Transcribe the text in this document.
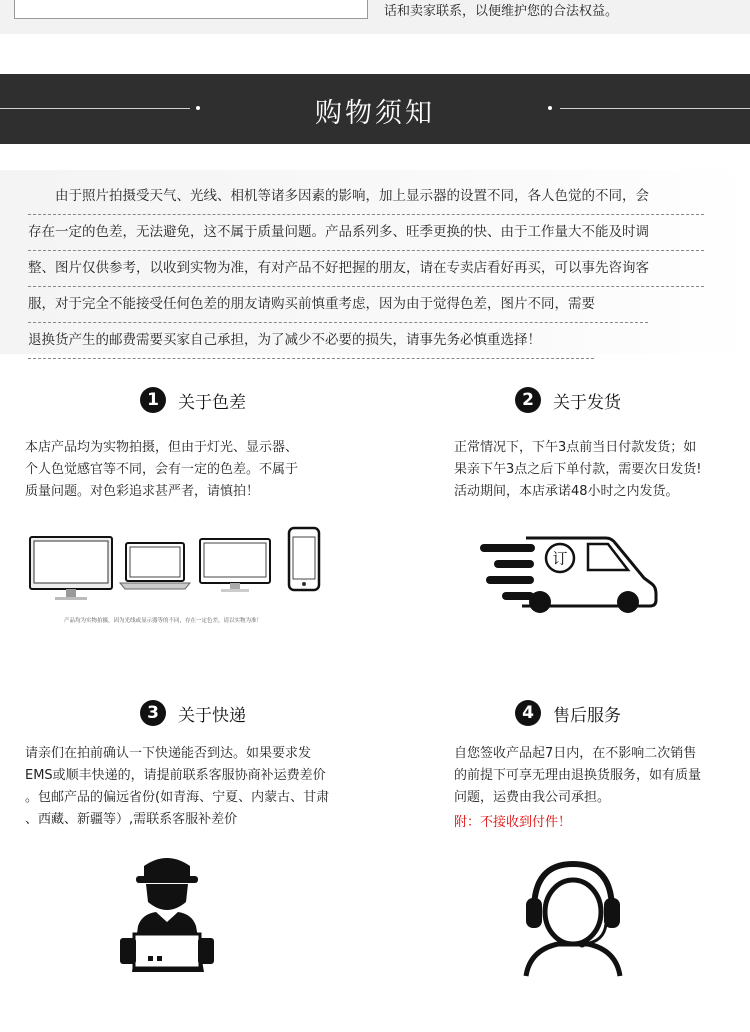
话和卖家联系，以便维护您的合法权益。
购物须知
　　由于照片拍摄受天气、光线、相机等诸多因素的影响，加上显示器的设置不同，各人色觉的不同，会
存在一定的色差，无法避免，这不属于质量问题。产品系列多、旺季更换的快、由于工作量大不能及时调
整、图片仅供参考，以收到实物为准，有对产品不好把握的朋友，请在专卖店看好再买，可以事先咨询客
服，对于完全不能接受任何色差的朋友请购买前慎重考虑，因为由于觉得色差，图片不同，需要
退换货产生的邮费需要买家自己承担，为了减少不必要的损失，请事先务必慎重选择！
1	关于色差
本店产品均为实物拍摄，但由于灯光、显示器、
个人色觉感官等不同，会有一定的色差。不属于
质量问题。对色彩追求甚严者，请慎拍！
产品均为实物拍摄，因为光线或显示器等的不同，存在一定色差，请以实物为准！
2	关于发货
正常情况下，下午3点前当日付款发货；如
果亲下午3点之后下单付款，需要次日发货!
活动期间，本店承诺48小时之内发货。
订
3	关于快递
请亲们在拍前确认一下快递能否到达。如果要求发
EMS或顺丰快递的，请提前联系客服协商补运费差价
。包邮产品的偏远省份(如青海、宁夏、内蒙古、甘肃
、西藏、新疆等）,需联系客服补差价
4	售后服务
自您签收产品起7日内，在不影响二次销售
的前提下可享无理由退换货服务，如有质量
问题，运费由我公司承担。
附：不接收到付件！
